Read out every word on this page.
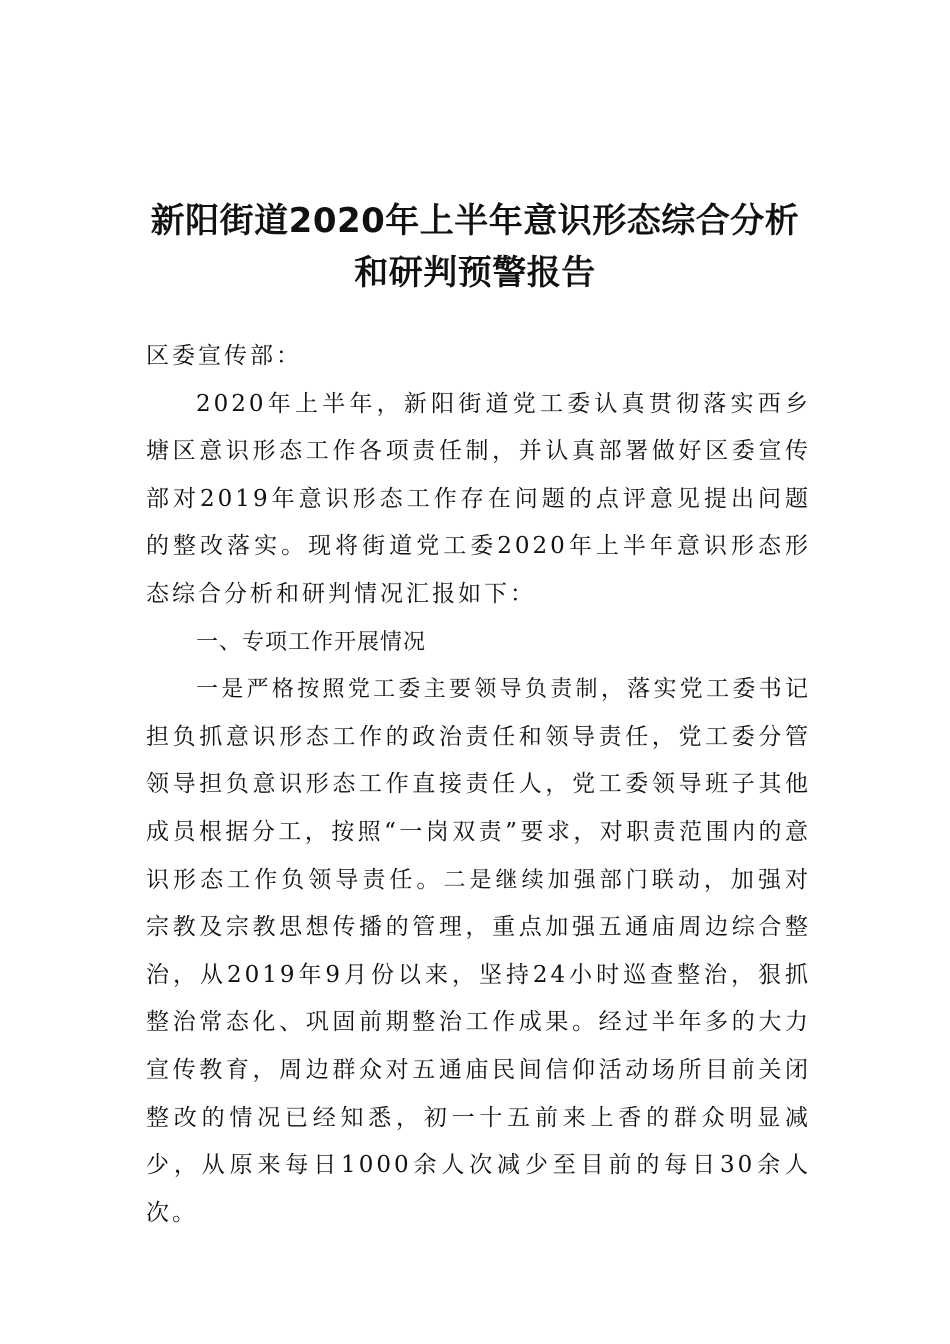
新阳街道2020年上半年意识形态综合分析
和研判预警报告

区委宣传部：

2020年上半年，新阳街道党工委认真贯彻落实西乡塘区意识形态工作各项责任制，并认真部署做好区委宣传部对2019年意识形态工作存在问题的点评意见提出问题的整改落实。现将街道党工委2020年上半年意识形态形态综合分析和研判情况汇报如下：

一、专项工作开展情况

一是严格按照党工委主要领导负责制，落实党工委书记担负抓意识形态工作的政治责任和领导责任，党工委分管领导担负意识形态工作直接责任人，党工委领导班子其他成员根据分工，按照“一岗双责”要求，对职责范围内的意识形态工作负领导责任。二是继续加强部门联动，加强对宗教及宗教思想传播的管理，重点加强五通庙周边综合整治，从2019年9月份以来，坚持24小时巡查整治，狠抓整治常态化、巩固前期整治工作成果。经过半年多的大力宣传教育，周边群众对五通庙民间信仰活动场所目前关闭整改的情况已经知悉，初一十五前来上香的群众明显减少，从原来每日1000余人次减少至目前的每日30余人次。
